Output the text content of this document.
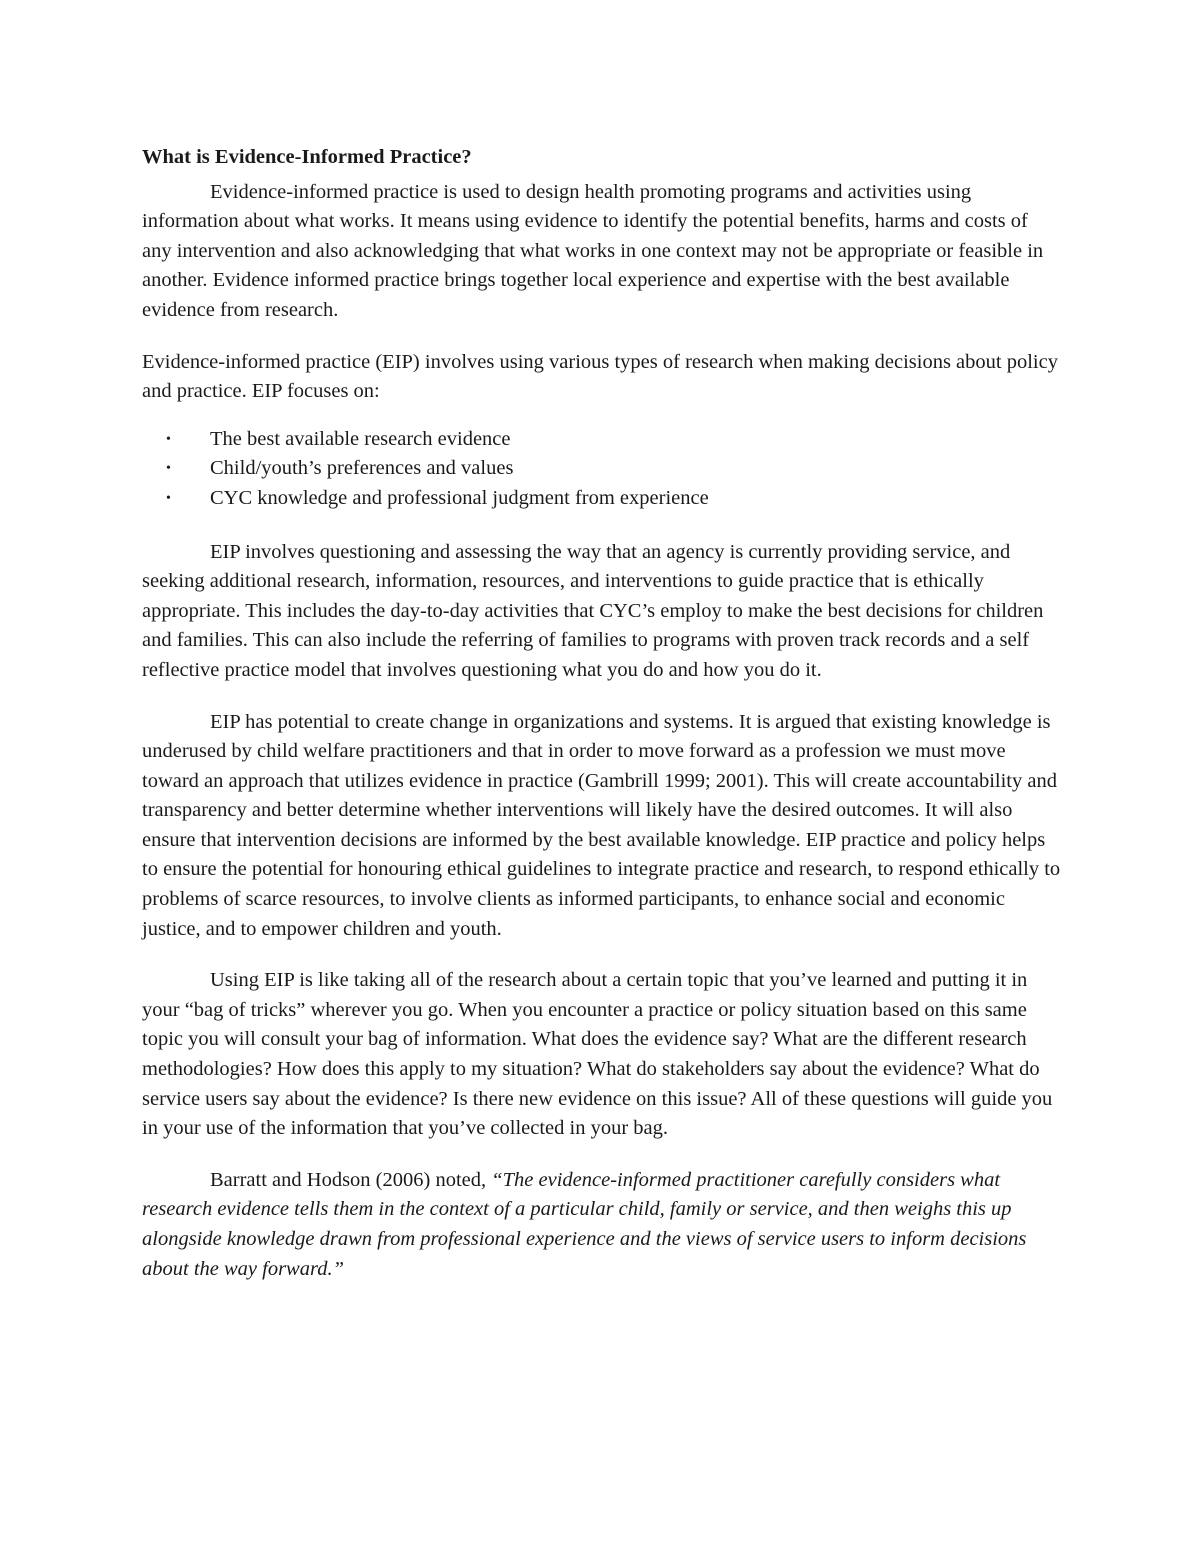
What is Evidence-Informed Practice?

Evidence-informed practice is used to design health promoting programs and activities using information about what works. It means using evidence to identify the potential benefits, harms and costs of any intervention and also acknowledging that what works in one context may not be appropriate or feasible in another. Evidence informed practice brings together local experience and expertise with the best available evidence from research.

Evidence-informed practice (EIP) involves using various types of research when making decisions about policy and practice. EIP focuses on:

• The best available research evidence
• Child/youth’s preferences and values
• CYC knowledge and professional judgment from experience

EIP involves questioning and assessing the way that an agency is currently providing service, and seeking additional research, information, resources, and interventions to guide practice that is ethically appropriate. This includes the day-to-day activities that CYC’s employ to make the best decisions for children and families. This can also include the referring of families to programs with proven track records and a self reflective practice model that involves questioning what you do and how you do it.

EIP has potential to create change in organizations and systems. It is argued that existing knowledge is underused by child welfare practitioners and that in order to move forward as a profession we must move toward an approach that utilizes evidence in practice (Gambrill 1999; 2001). This will create accountability and transparency and better determine whether interventions will likely have the desired outcomes. It will also ensure that intervention decisions are informed by the best available knowledge. EIP practice and policy helps to ensure the potential for honouring ethical guidelines to integrate practice and research, to respond ethically to problems of scarce resources, to involve clients as informed participants, to enhance social and economic justice, and to empower children and youth.

Using EIP is like taking all of the research about a certain topic that you’ve learned and putting it in your “bag of tricks” wherever you go. When you encounter a practice or policy situation based on this same topic you will consult your bag of information. What does the evidence say? What are the different research methodologies? How does this apply to my situation? What do stakeholders say about the evidence? What do service users say about the evidence? Is there new evidence on this issue? All of these questions will guide you in your use of the information that you’ve collected in your bag.

Barratt and Hodson (2006) noted, “The evidence-informed practitioner carefully considers what research evidence tells them in the context of a particular child, family or service, and then weighs this up alongside knowledge drawn from professional experience and the views of service users to inform decisions about the way forward.”
